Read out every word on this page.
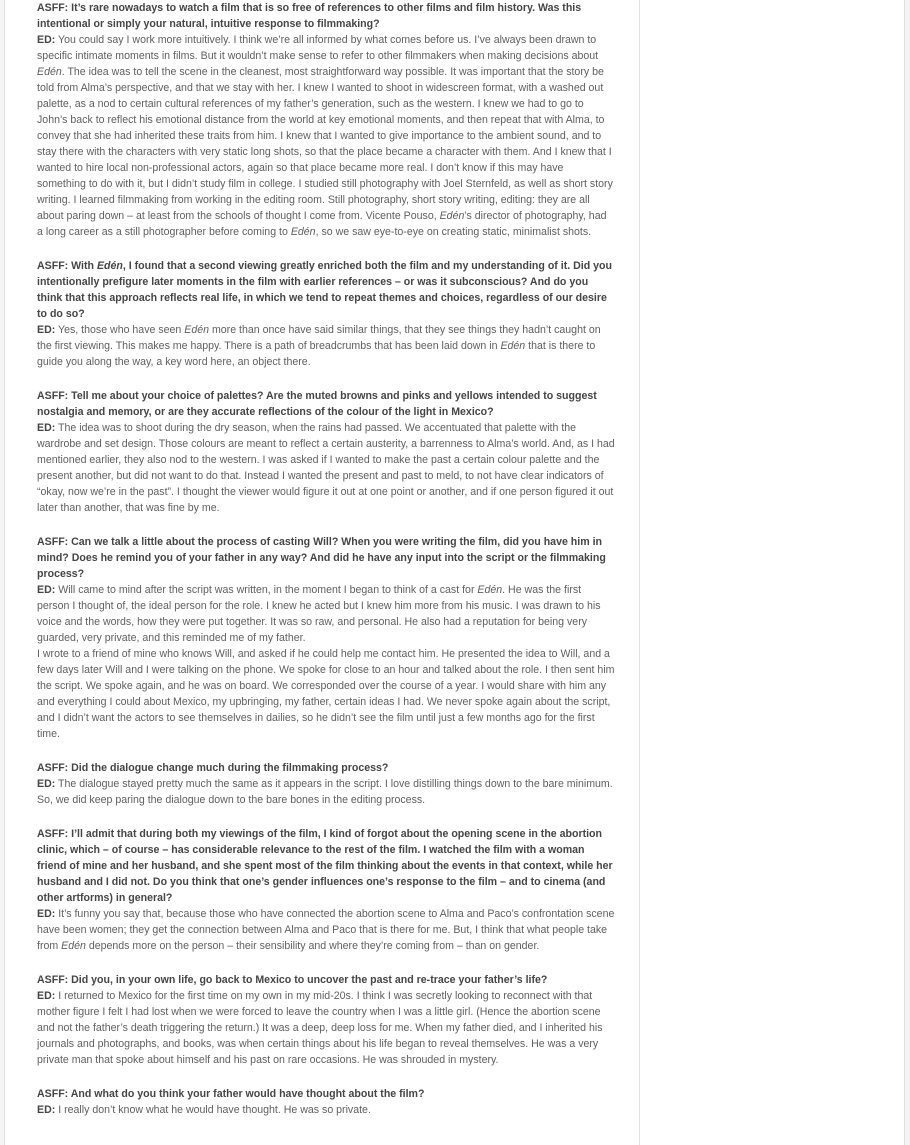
ASFF: It’s rare nowadays to watch a film that is so free of references to other films and film history. Was this intentional or simply your natural, intuitive response to filmmaking?

ED: You could say I work more intuitively. I think we’re all informed by what comes before us. I’ve always been drawn to specific intimate moments in films. But it wouldn’t make sense to refer to other filmmakers when making decisions about Edén. The idea was to tell the scene in the cleanest, most straightforward way possible. It was important that the story be told from Alma’s perspective, and that we stay with her. I knew I wanted to shoot in widescreen format, with a washed out palette, as a nod to certain cultural references of my father’s generation, such as the western. I knew we had to go to John’s back to reflect his emotional distance from the world at key emotional moments, and then repeat that with Alma, to convey that she had inherited these traits from him. I knew that I wanted to give importance to the ambient sound, and to stay there with the characters with very static long shots, so that the place became a character with them. And I knew that I wanted to hire local non-professional actors, again so that place became more real. I don’t know if this may have something to do with it, but I didn’t study film in college. I studied still photography with Joel Sternfeld, as well as short story writing. I learned filmmaking from working in the editing room. Still photography, short story writing, editing: they are all about paring down – at least from the schools of thought I come from. Vicente Pouso, Edén’s director of photography, had a long career as a still photographer before coming to Edén, so we saw eye-to-eye on creating static, minimalist shots.

ASFF: With Edén, I found that a second viewing greatly enriched both the film and my understanding of it. Did you intentionally prefigure later moments in the film with earlier references – or was it subconscious? And do you think that this approach reflects real life, in which we tend to repeat themes and choices, regardless of our desire to do so?

ED: Yes, those who have seen Edén more than once have said similar things, that they see things they hadn’t caught on the first viewing. This makes me happy. There is a path of breadcrumbs that has been laid down in Edén that is there to guide you along the way, a key word here, an object there.

ASFF: Tell me about your choice of palettes? Are the muted browns and pinks and yellows intended to suggest nostalgia and memory, or are they accurate reflections of the colour of the light in Mexico?

ED: The idea was to shoot during the dry season, when the rains had passed. We accentuated that palette with the wardrobe and set design. Those colours are meant to reflect a certain austerity, a barrenness to Alma’s world. And, as I had mentioned earlier, they also nod to the western. I was asked if I wanted to make the past a certain colour palette and the present another, but did not want to do that. Instead I wanted the present and past to meld, to not have clear indicators of “okay, now we’re in the past”. I thought the viewer would figure it out at one point or another, and if one person figured it out later than another, that was fine by me.

ASFF: Can we talk a little about the process of casting Will? When you were writing the film, did you have him in mind? Does he remind you of your father in any way? And did he have any input into the script or the filmmaking process?

ED: Will came to mind after the script was written, in the moment I began to think of a cast for Edén. He was the first person I thought of, the ideal person for the role. I knew he acted but I knew him more from his music. I was drawn to his voice and the words, how they were put together. It was so raw, and personal. He also had a reputation for being very guarded, very private, and this reminded me of my father.

I wrote to a friend of mine who knows Will, and asked if he could help me contact him. He presented the idea to Will, and a few days later Will and I were talking on the phone. We spoke for close to an hour and talked about the role. I then sent him the script. We spoke again, and he was on board. We corresponded over the course of a year. I would share with him any and everything I could about Mexico, my upbringing, my father, certain ideas I had. We never spoke again about the script, and I didn’t want the actors to see themselves in dailies, so he didn’t see the film until just a few months ago for the first time.

ASFF: Did the dialogue change much during the filmmaking process?

ED: The dialogue stayed pretty much the same as it appears in the script. I love distilling things down to the bare minimum. So, we did keep paring the dialogue down to the bare bones in the editing process.

ASFF: I’ll admit that during both my viewings of the film, I kind of forgot about the opening scene in the abortion clinic, which – of course – has considerable relevance to the rest of the film. I watched the film with a woman friend of mine and her husband, and she spent most of the film thinking about the events in that context, while her husband and I did not. Do you think that one’s gender influences one’s response to the film – and to cinema (and other artforms) in general?

ED: It’s funny you say that, because those who have connected the abortion scene to Alma and Paco’s confrontation scene have been women; they get the connection between Alma and Paco that is there for me. But, I think that what people take from Edén depends more on the person – their sensibility and where they’re coming from – than on gender.

ASFF: Did you, in your own life, go back to Mexico to uncover the past and re-trace your father’s life?

ED: I returned to Mexico for the first time on my own in my mid-20s. I think I was secretly looking to reconnect with that mother figure I felt I had lost when we were forced to leave the country when I was a little girl. (Hence the abortion scene and not the father’s death triggering the return.) It was a deep, deep loss for me. When my father died, and I inherited his journals and photographs, and books, was when certain things about his life began to reveal themselves. He was a very private man that spoke about himself and his past on rare occasions. He was shrouded in mystery.

ASFF: And what do you think your father would have thought about the film?

ED: I really don’t know what he would have thought. He was so private.
